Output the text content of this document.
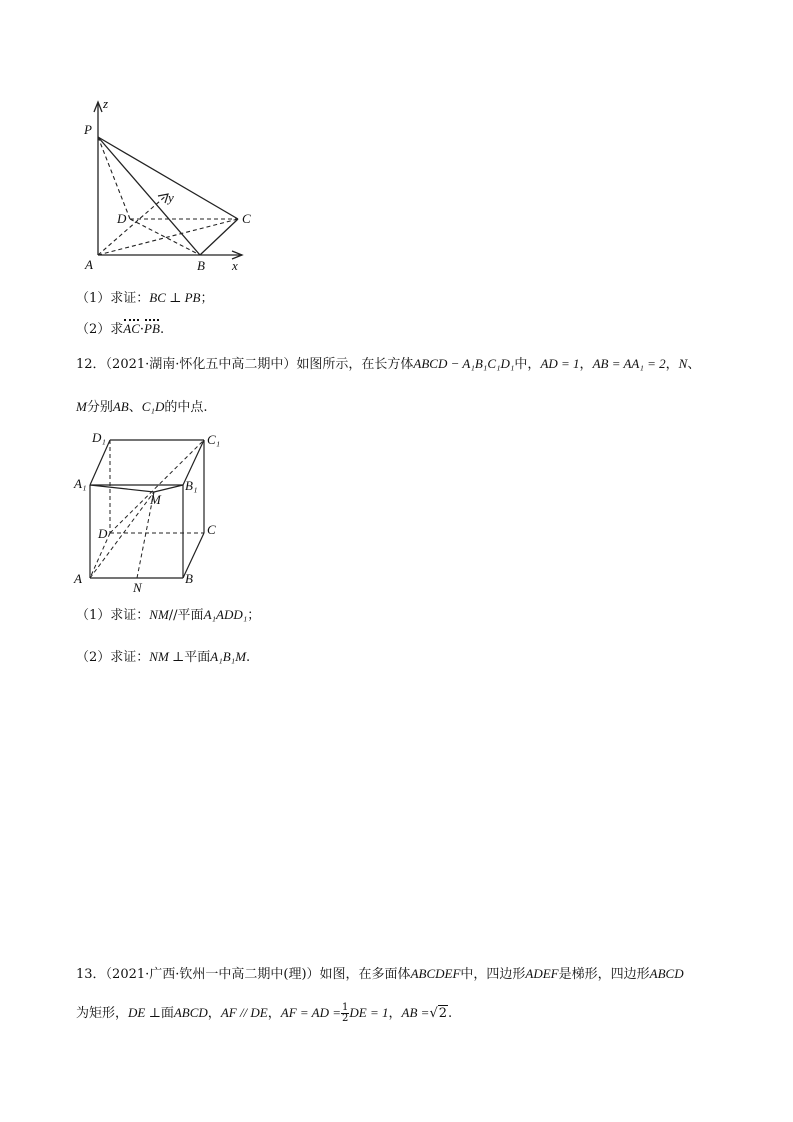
z
y
x
P
D	C
A	B
（1）求证：BC ⊥ PB；
（2）求AC·PB.
12．（2021·湖南·怀化五中高二期中）如图所示，在长方体ABCD − A₁B₁C₁D₁中，AD = 1，AB = AA₁ = 2，N、
M分别AB、C₁D的中点.
D₁	C₁
A₁	B₁
M
D	C
A	B
N
（1）求证：NM//平面A₁ADD₁；
（2）求证：NM ⊥平面A₁B₁M.
13．（2021·广西·钦州一中高二期中(理)）如图，在多面体ABCDEF中，四边形ADEF是梯形，四边形ABCD
为矩形，DE ⊥面ABCD，AF // DE，AF = AD = $\frac{1}{2}$ DE = 1，AB =√2.
